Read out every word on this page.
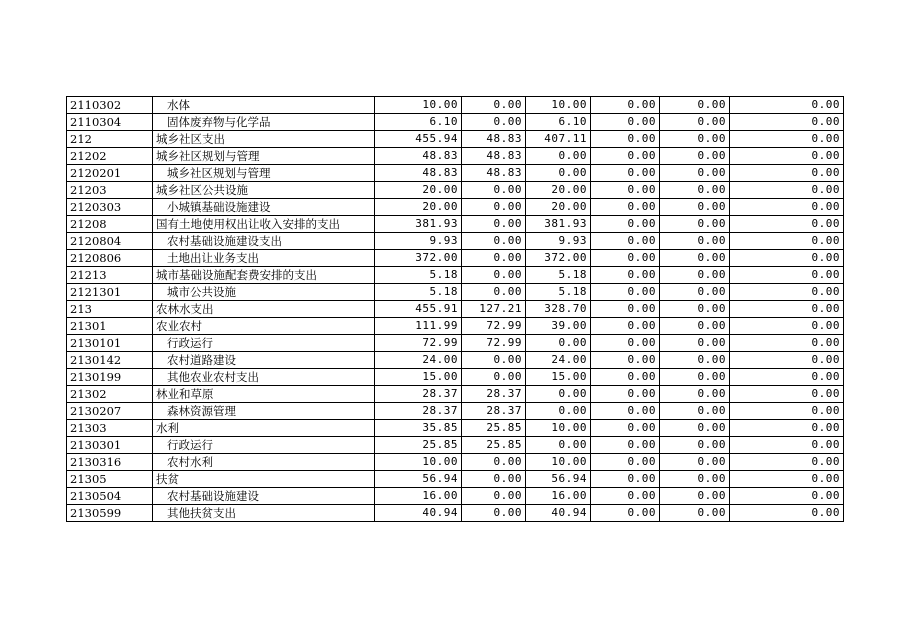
2110302	水体	10.00	0.00	10.00	0.00	0.00	0.00
2110304	固体废弃物与化学品	6.10	0.00	6.10	0.00	0.00	0.00
212	城乡社区支出	455.94	48.83	407.11	0.00	0.00	0.00
21202	城乡社区规划与管理	48.83	48.83	0.00	0.00	0.00	0.00
2120201	城乡社区规划与管理	48.83	48.83	0.00	0.00	0.00	0.00
21203	城乡社区公共设施	20.00	0.00	20.00	0.00	0.00	0.00
2120303	小城镇基础设施建设	20.00	0.00	20.00	0.00	0.00	0.00
21208	国有土地使用权出让收入安排的支出	381.93	0.00	381.93	0.00	0.00	0.00
2120804	农村基础设施建设支出	9.93	0.00	9.93	0.00	0.00	0.00
2120806	土地出让业务支出	372.00	0.00	372.00	0.00	0.00	0.00
21213	城市基础设施配套费安排的支出	5.18	0.00	5.18	0.00	0.00	0.00
2121301	城市公共设施	5.18	0.00	5.18	0.00	0.00	0.00
213	农林水支出	455.91	127.21	328.70	0.00	0.00	0.00
21301	农业农村	111.99	72.99	39.00	0.00	0.00	0.00
2130101	行政运行	72.99	72.99	0.00	0.00	0.00	0.00
2130142	农村道路建设	24.00	0.00	24.00	0.00	0.00	0.00
2130199	其他农业农村支出	15.00	0.00	15.00	0.00	0.00	0.00
21302	林业和草原	28.37	28.37	0.00	0.00	0.00	0.00
2130207	森林资源管理	28.37	28.37	0.00	0.00	0.00	0.00
21303	水利	35.85	25.85	10.00	0.00	0.00	0.00
2130301	行政运行	25.85	25.85	0.00	0.00	0.00	0.00
2130316	农村水利	10.00	0.00	10.00	0.00	0.00	0.00
21305	扶贫	56.94	0.00	56.94	0.00	0.00	0.00
2130504	农村基础设施建设	16.00	0.00	16.00	0.00	0.00	0.00
2130599	其他扶贫支出	40.94	0.00	40.94	0.00	0.00	0.00
